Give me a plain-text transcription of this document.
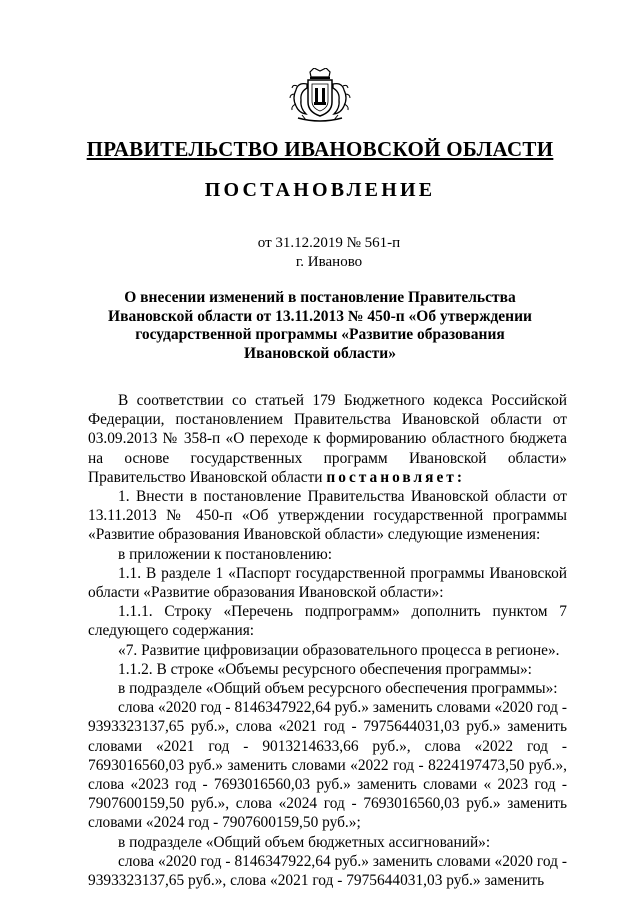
ПРАВИТЕЛЬСТВО ИВАНОВСКОЙ ОБЛАСТИ
ПОСТАНОВЛЕНИЕ
от 31.12.2019 № 561-п
г. Иваново
О внесении изменений в постановление Правительства Ивановской области от 13.11.2013 № 450-п «Об утверждении государственной программы «Развитие образования Ивановской области»

В соответствии со статьей 179 Бюджетного кодекса Российской Федерации, постановлением Правительства Ивановской области от 03.09.2013 № 358-п «О переходе к формированию областного бюджета на основе государственных программ Ивановской области» Правительство Ивановской области постановляет:

1. Внести в постановление Правительства Ивановской области от 13.11.2013 № 450-п «Об утверждении государственной программы «Развитие образования Ивановской области» следующие изменения:

в приложении к постановлению:

1.1. В разделе 1 «Паспорт государственной программы Ивановской области «Развитие образования Ивановской области»:

1.1.1. Строку «Перечень подпрограмм» дополнить пунктом 7 следующего содержания:

«7. Развитие цифровизации образовательного процесса в регионе».

1.1.2. В строке «Объемы ресурсного обеспечения программы»:

в подразделе «Общий объем ресурсного обеспечения программы»:

слова «2020 год - 8146347922,64 руб.» заменить словами «2020 год - 9393323137,65 руб.», слова «2021 год - 7975644031,03 руб.» заменить словами «2021 год - 9013214633,66 руб.», слова «2022 год - 7693016560,03 руб.» заменить словами «2022 год - 8224197473,50 руб.», слова «2023 год - 7693016560,03 руб.» заменить словами « 2023 год - 7907600159,50 руб.», слова «2024 год - 7693016560,03 руб.» заменить словами «2024 год - 7907600159,50 руб.»;

в подразделе «Общий объем бюджетных ассигнований»:

слова «2020 год - 8146347922,64 руб.» заменить словами «2020 год - 9393323137,65 руб.», слова «2021 год - 7975644031,03 руб.» заменить
